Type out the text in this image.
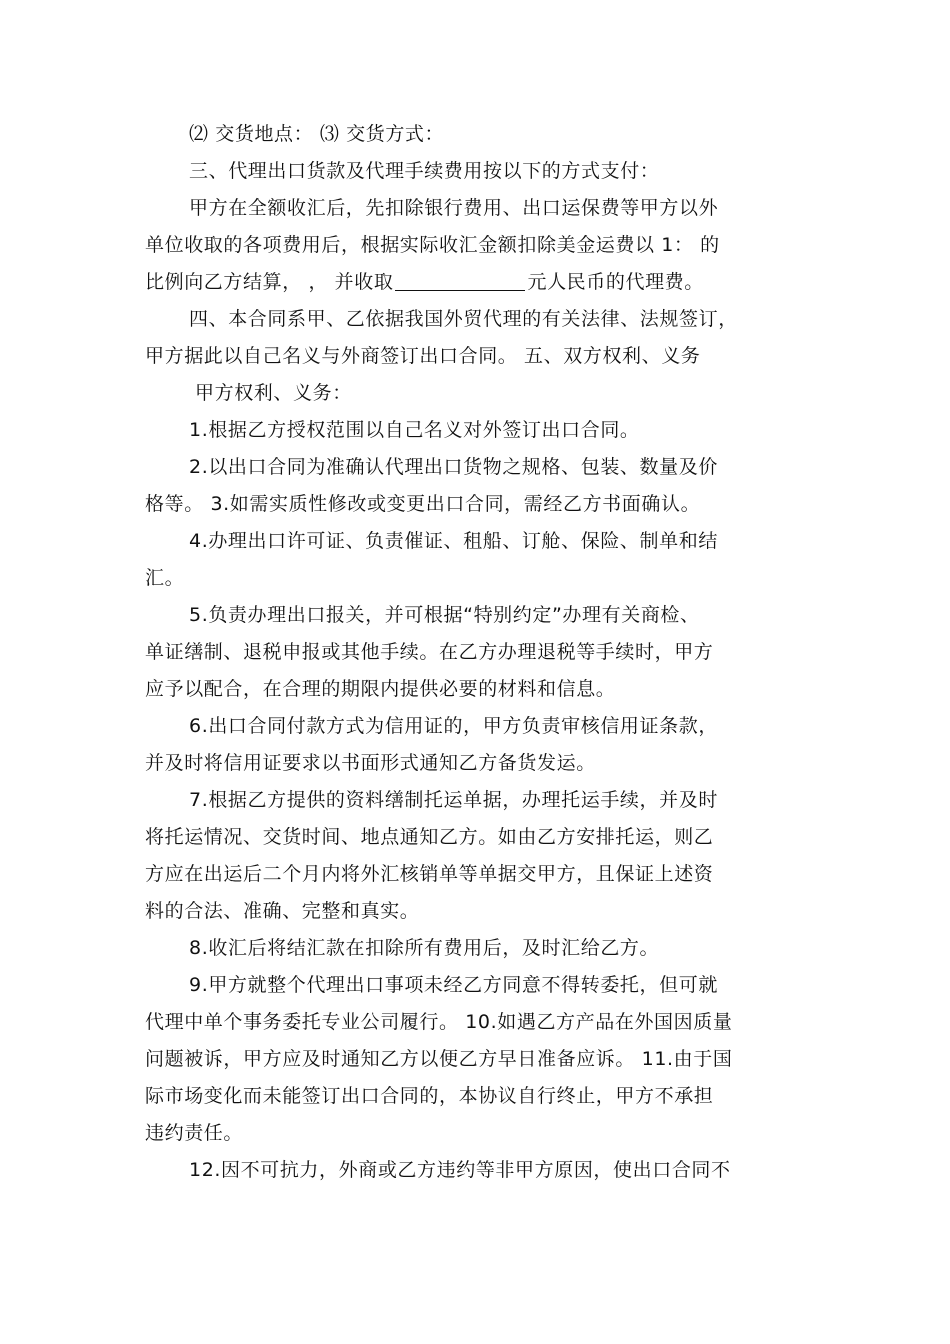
⑵ 交货地点： ⑶ 交货方式：

三、代理出口货款及代理手续费用按以下的方式支付：

甲方在全额收汇后，先扣除银行费用、出口运保费等甲方以外

单位收取的各项费用后，根据实际收汇金额扣除美金运费以 1： 的

比例向乙方结算， ， 并收取	元人民币的代理费。

四、本合同系甲、乙依据我国外贸代理的有关法律、法规签订，

甲方据此以自己名义与外商签订出口合同。 五、双方权利、义务

甲方权利、义务：

1.根据乙方授权范围以自己名义对外签订出口合同。

2.以出口合同为准确认代理出口货物之规格、包装、数量及价

格等。 3.如需实质性修改或变更出口合同，需经乙方书面确认。

4.办理出口许可证、负责催证、租船、订舱、保险、制单和结

汇。

5.负责办理出口报关，并可根据“特别约定”办理有关商检、

单证缮制、退税申报或其他手续。在乙方办理退税等手续时，甲方

应予以配合，在合理的期限内提供必要的材料和信息。

6.出口合同付款方式为信用证的，甲方负责审核信用证条款，

并及时将信用证要求以书面形式通知乙方备货发运。

7.根据乙方提供的资料缮制托运单据，办理托运手续，并及时

将托运情况、交货时间、地点通知乙方。如由乙方安排托运，则乙

方应在出运后二个月内将外汇核销单等单据交甲方，且保证上述资

料的合法、准确、完整和真实。

8.收汇后将结汇款在扣除所有费用后，及时汇给乙方。

9.甲方就整个代理出口事项未经乙方同意不得转委托，但可就

代理中单个事务委托专业公司履行。 10.如遇乙方产品在外国因质量

问题被诉，甲方应及时通知乙方以便乙方早日准备应诉。 11.由于国

际市场变化而未能签订出口合同的，本协议自行终止，甲方不承担

违约责任。

12.因不可抗力，外商或乙方违约等非甲方原因，使出口合同不
